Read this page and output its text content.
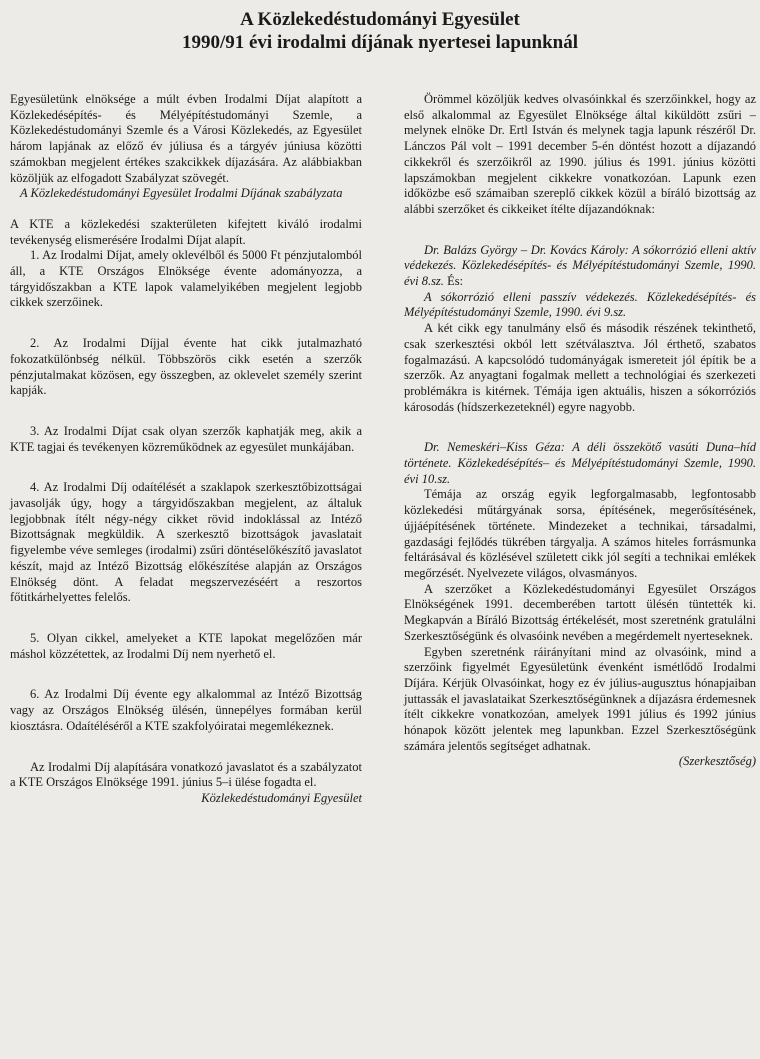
A Közlekedéstudományi Egyesület
1990/91 évi irodalmi díjának nyertesei lapunknál

Egyesületünk elnöksége a múlt évben Irodalmi Díjat alapított a Közlekedésépítés- és Mélyépítéstudományi Szemle, a Közlekedéstudományi Szemle és a Városi Közlekedés, az Egyesület három lapjának az előző év júliusa és a tárgyév júniusa közötti számokban megjelent értékes szakcikkek díjazására. Az alábbiakban közöljük az elfogadott Szabályzat szövegét.

A Közlekedéstudományi Egyesület Irodalmi Díjának szabályzata

A KTE a közlekedési szakterületen kifejtett kiváló irodalmi tevékenység elismerésére Irodalmi Díjat alapít.

1. Az Irodalmi Díjat, amely oklevélből és 5000 Ft pénzjutalomból áll, a KTE Országos Elnöksége évente adományozza, a tárgyidőszakban a KTE lapok valamelyikében megjelent legjobb cikkek szerzőinek.

2. Az Irodalmi Díjjal évente hat cikk jutalmazható fokozatkülönbség nélkül. Többszörös cikk esetén a szerzők pénzjutalmakat közösen, egy összegben, az oklevelet személy szerint kapják.

3. Az Irodalmi Díjat csak olyan szerzők kaphatják meg, akik a KTE tagjai és tevékenyen közreműködnek az egyesület munkájában.

4. Az Irodalmi Díj odaítélését a szaklapok szerkesztőbizottságai javasolják úgy, hogy a tárgyidőszakban megjelent, az általuk legjobbnak ítélt négy-négy cikket rövid indoklással az Intéző Bizottságnak megküldik. A szerkesztő bizottságok javaslatait figyelembe véve semleges (irodalmi) zsűri döntéselőkészítő javaslatot készít, majd az Intéző Bizottság előkészítése alapján az Országos Elnökség dönt. A feladat megszervezéséért a reszortos főtitkárhelyettes felelős.

5. Olyan cikkel, amelyeket a KTE lapokat megelőzően már máshol közzétettek, az Irodalmi Díj nem nyerhető el.

6. Az Irodalmi Díj évente egy alkalommal az Intéző Bizottság vagy az Országos Elnökség ülésén, ünnepélyes formában kerül kiosztásra. Odaítéléséről a KTE szakfolyóiratai megemlékeznek.

Az Irodalmi Díj alapítására vonatkozó javaslatot és a szabályzatot a KTE Országos Elnöksége 1991. június 5–i ülése fogadta el.

Közlekedéstudományi Egyesület

Örömmel közöljük kedves olvasóinkkal és szerzőinkkel, hogy az első alkalommal az Egyesület Elnöksége által kiküldött zsűri – melynek elnöke Dr. Ertl István és melynek tagja lapunk részéről Dr. Lánczos Pál volt – 1991 december 5-én döntést hozott a díjazandó cikkekről és szerzőikről az 1990. július és 1991. június közötti lapszámokban megjelent cikkekre vonatkozóan. Lapunk ezen időközbe eső számaiban szereplő cikkek közül a bíráló bizottság az alábbi szerzőket és cikkeiket ítélte díjazandóknak:

Dr. Balázs György – Dr. Kovács Károly: A sókorrózió elleni aktív védekezés. Közlekedésépítés- és Mélyépítéstudományi Szemle, 1990. évi 8.sz. És:

A sókorrózió elleni passzív védekezés. Közlekedésépítés- és Mélyépítéstudományi Szemle, 1990. évi 9.sz.

A két cikk egy tanulmány első és második részének tekinthető, csak szerkesztési okból lett szétválasztva. Jól érthető, szabatos fogalmazású. A kapcsolódó tudományágak ismereteit jól építik be a szerzők. Az anyagtani fogalmak mellett a technológiai és szerkezeti problémákra is kitérnek. Témája igen aktuális, hiszen a sókorróziós károsodás (hídszerkezeteknél) egyre nagyobb.

Dr. Nemeskéri–Kiss Géza: A déli összekötő vasúti Duna–híd története. Közlekedésépítés– és Mélyépítéstudományi Szemle, 1990. évi 10.sz.

Témája az ország egyik legforgalmasabb, legfontosabb közlekedési műtárgyának sorsa, építésének, megerősítésének, újjáépítésének története. Mindezeket a technikai, társadalmi, gazdasági fejlődés tükrében tárgyalja. A számos hiteles forrásmunka feltárásával és közlésével született cikk jól segíti a technikai emlékek megőrzését. Nyelvezete világos, olvasmányos.

A szerzőket a Közlekedéstudományi Egyesület Országos Elnökségének 1991. decemberében tartott ülésén tüntették ki. Megkapván a Bíráló Bizottság értékelését, most szeretnénk gratulálni Szerkesztőségünk és olvasóink nevében a megérdemelt nyerteseknek.

Egyben szeretnénk ráirányítani mind az olvasóink, mind a szerzőink figyelmét Egyesületünk évenként ismétlődő Irodalmi Díjára. Kérjük Olvasóinkat, hogy ez év július-augusztus hónapjaiban juttassák el javaslataikat Szerkesztőségünknek a díjazásra érdemesnek ítélt cikkekre vonatkozóan, amelyek 1991 július és 1992 június hónapok között jelentek meg lapunkban. Ezzel Szerkesztőségünk számára jelentős segítséget adhatnak.

(Szerkesztőség)
